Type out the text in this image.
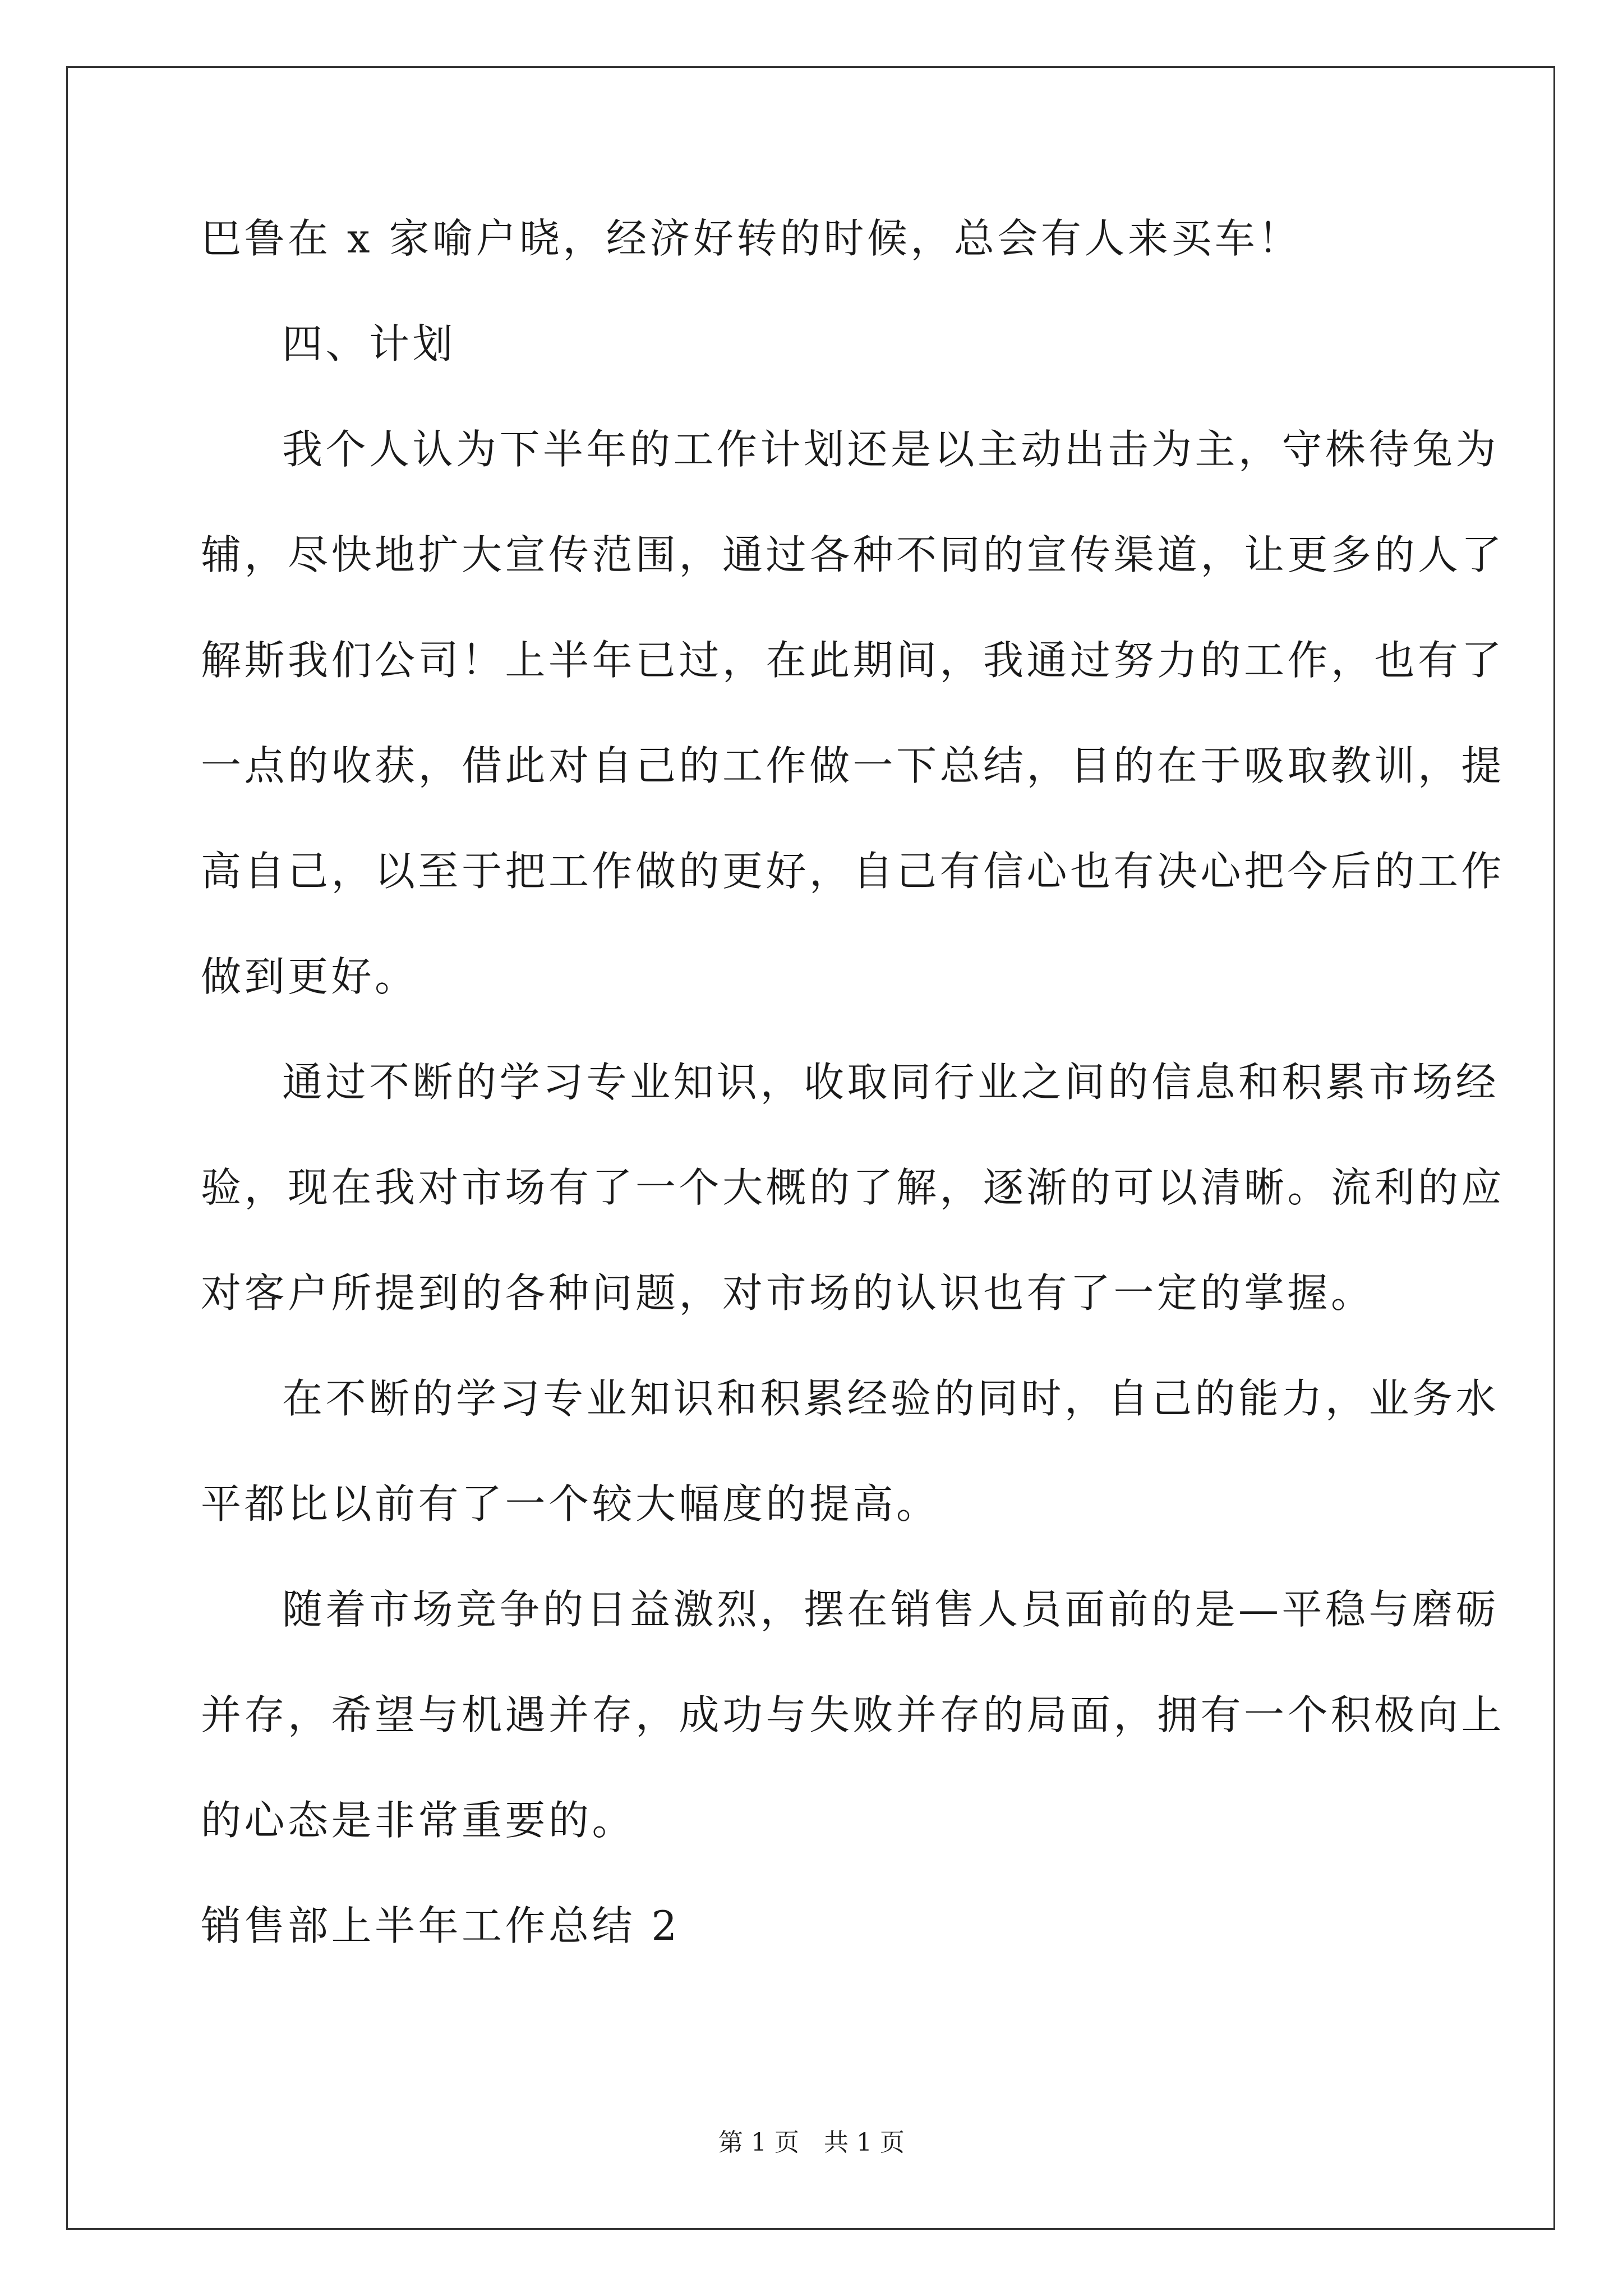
巴鲁在 x 家喻户晓，经济好转的时候，总会有人来买车！
四、计划
我个人认为下半年的工作计划还是以主动出击为主，守株待兔为
辅，尽快地扩大宣传范围，通过各种不同的宣传渠道，让更多的人了
解斯我们公司！上半年已过，在此期间，我通过努力的工作，也有了
一点的收获，借此对自己的工作做一下总结，目的在于吸取教训，提
高自己，以至于把工作做的更好，自己有信心也有决心把今后的工作
做到更好。
通过不断的学习专业知识，收取同行业之间的信息和积累市场经
验，现在我对市场有了一个大概的了解，逐渐的可以清晰。流利的应
对客户所提到的各种问题，对市场的认识也有了一定的掌握。
在不断的学习专业知识和积累经验的同时，自己的能力，业务水
平都比以前有了一个较大幅度的提高。
随着市场竞争的日益激烈，摆在销售人员面前的是—平稳与磨砺
并存，希望与机遇并存，成功与失败并存的局面，拥有一个积极向上
的心态是非常重要的。
销售部上半年工作总结 2
第 1 页　共 1 页
